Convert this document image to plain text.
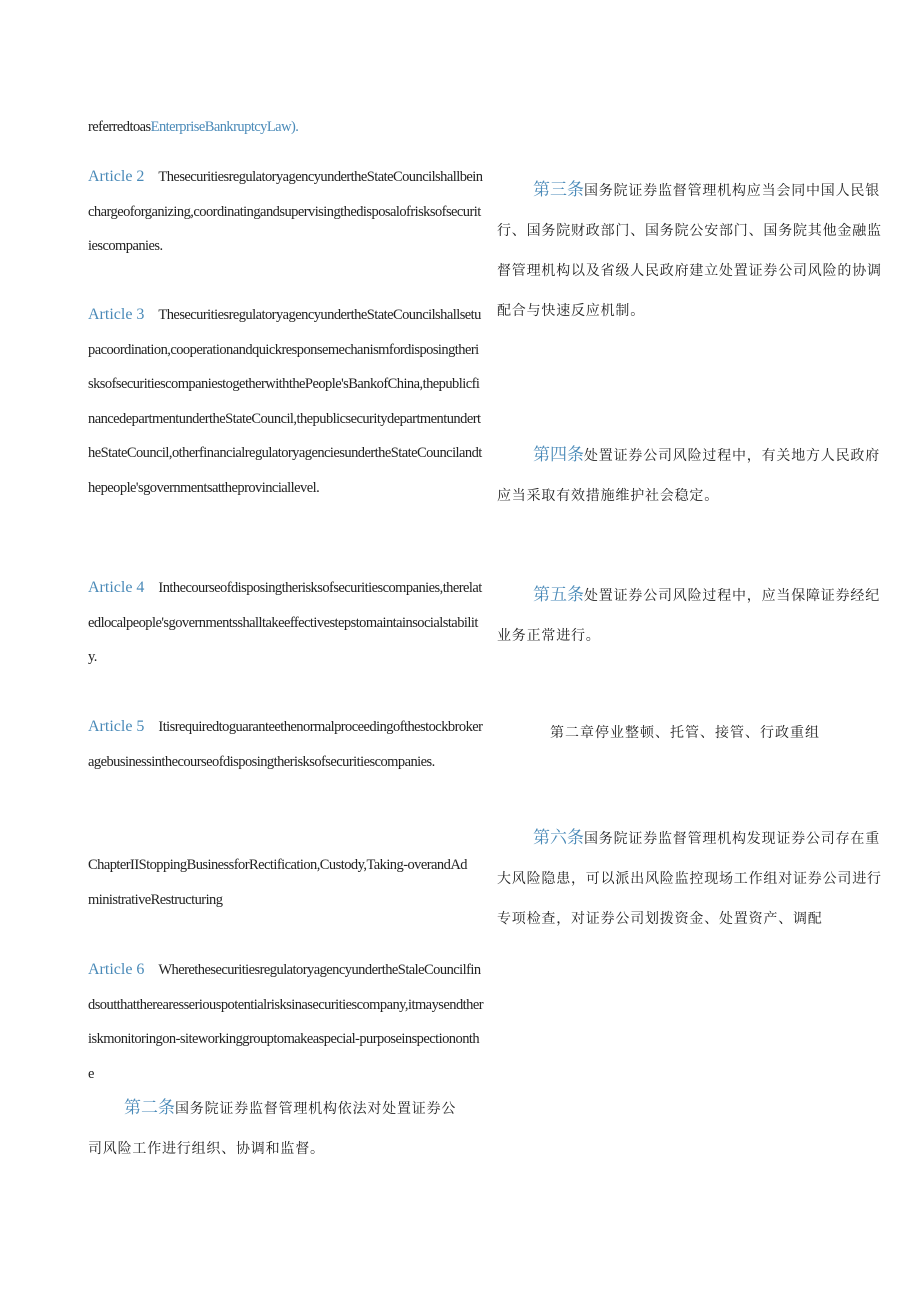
referredtoasEnterpriseBankruptcyLaw).

Article 2 ThesecuritiesregulatoryagencyundertheStateCouncilshallbeinchargeoforganizing,coordinatingandsupervisingthedisposalofrisksofsecuritiescompanies.

Article 3 ThesecuritiesregulatoryagencyundertheStateCouncilshallsetupacoordination,cooperationandquickresponsemechanismfordisposingtherisksofsecuritiescompaniestogetherwiththePeople'sBankofChina,thepublicfinancedepartmentundertheStateCouncil,thepublicsecuritydepartmentundertheStateCouncil,otherfinancialregulatoryagenciesundertheStateCouncilandthepeople'sgovernmentsattheprovinciallevel.

Article 4 Inthecourseofdisposingtherisksofsecuritiescompanies,therelatedlocalpeople'sgovernmentsshalltakeeffectivestepstomaintainsocialstability.

Article 5 Itisrequiredtoguaranteethenormalproceedingofthestockbrokeragebusinessinthecourseofdisposingtherisksofsecuritiescompanies.

ChapterIIStoppingBusinessforRectification,Custody,Taking-overandAdministrativeRestructuring

Article 6 WherethesecuritiesregulatoryagencyundertheStaleCouncilfindsoutthattherearesseriouspotentialrisksinasecuritiescompany,itmaysendtheriskmonitoringon-siteworkinggrouptomakeaspecial-purposeinspectiononthe

第二条国务院证券监督管理机构依法对处置证券公司风险工作进行组织、协调和监督。

第三条国务院证券监督管理机构应当会同中国人民银行、国务院财政部门、国务院公安部门、国务院其他金融监督管理机构以及省级人民政府建立处置证券公司风险的协调配合与快速反应机制。

第四条处置证券公司风险过程中，有关地方人民政府应当采取有效措施维护社会稳定。

第五条处置证券公司风险过程中，应当保障证券经纪业务正常进行。

第二章停业整顿、托管、接管、行政重组

第六条国务院证券监督管理机构发现证券公司存在重大风险隐患，可以派出风险监控现场工作组对证券公司进行专项检查，对证券公司划拨资金、处置资产、调配
